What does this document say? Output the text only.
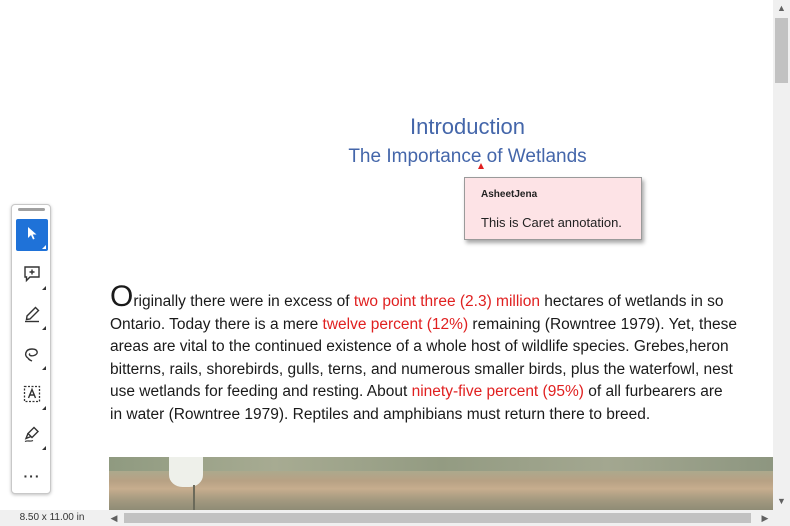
Introduction
The Importance of Wetlands
AsheetJena
This is Caret annotation.
Originally there were in excess of two point three (2.3) million hectares of wetlands in so
Ontario. Today there is a mere twelve percent (12%) remaining (Rowntree 1979). Yet, these
areas are vital to the continued existence of a whole host of wildlife species. Grebes,heron
bitterns, rails, shorebirds, gulls, terns, and numerous smaller birds, plus the waterfowl, nest
use wetlands for feeding and resting. About ninety-five percent (95%) of all furbearers are
in water (Rowntree 1979). Reptiles and amphibians must return there to breed.
···
▲
▼
8.50 x 11.00 in	◀	▶
